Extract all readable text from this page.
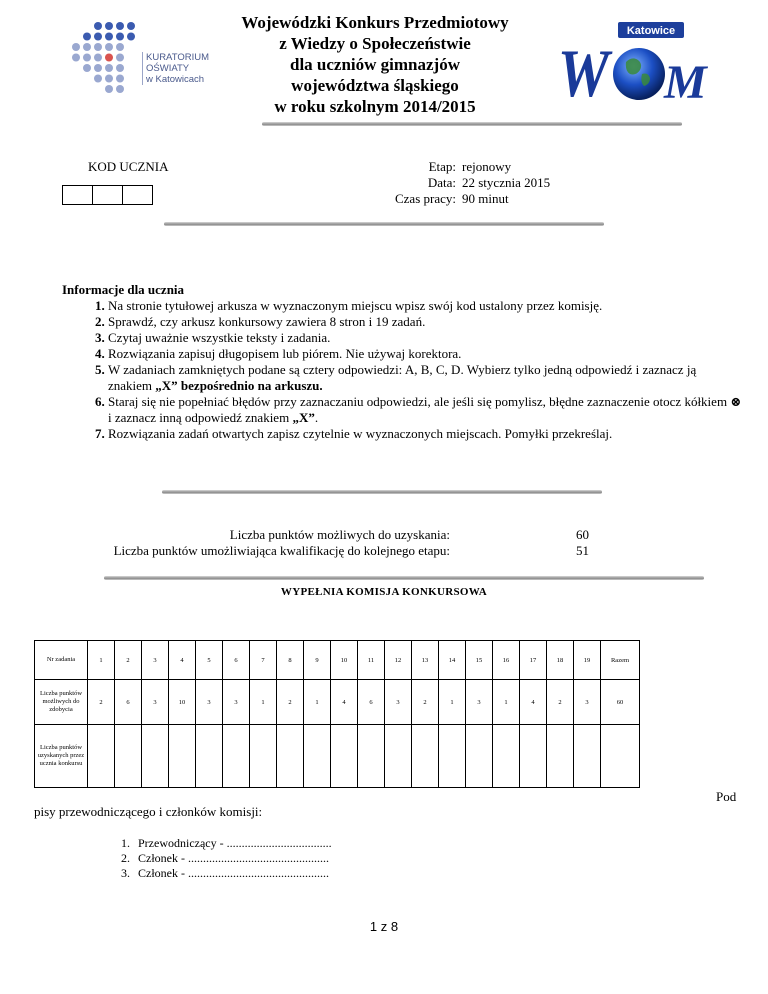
KURATORIUM
OŚWIATY
w Katowicach
Wojewódzki Konkurs Przedmiotowy
z Wiedzy o Społeczeństwie
dla uczniów gimnazjów
województwa śląskiego
w roku szkolnym 2014/2015
Katowice
W M
KOD UCZNIA	Etap: rejonowy
Data: 22 stycznia 2015
Czas pracy: 90 minut
Informacje dla ucznia
1. Na stronie tytułowej arkusza w wyznaczonym miejscu wpisz swój kod ustalony przez komisję.
2. Sprawdź, czy arkusz konkursowy zawiera 8 stron i 19 zadań.
3. Czytaj uważnie wszystkie teksty i zadania.
4. Rozwiązania zapisuj długopisem lub piórem. Nie używaj korektora.
5. W zadaniach zamkniętych podane są cztery odpowiedzi: A, B, C, D. Wybierz tylko jedną odpowiedź i zaznacz ją znakiem „X” bezpośrednio na arkuszu.
6. Staraj się nie popełniać błędów przy zaznaczaniu odpowiedzi, ale jeśli się pomylisz, błędne zaznaczenie otocz kółkiem ⊗ i zaznacz inną odpowiedź znakiem „X”.
7. Rozwiązania zadań otwartych zapisz czytelnie w wyznaczonych miejscach. Pomyłki przekreślaj.
Liczba punktów możliwych do uzyskania:	60
Liczba punktów umożliwiająca kwalifikację do kolejnego etapu:	51
WYPEŁNIA KOMISJA KONKURSOWA
Nr zadania	1	2	3	4	5	6	7	8	9	10	11	12	13	14	15	16	17	18	19	Razem
Liczba punktów możliwych do zdobycia	2	6	3	10	3	3	1	2	1	4	6	3	2	1	3	1	4	2	3	60
Liczba punktów uzyskanych przez ucznia konkursu																				
Pod
pisy przewodniczącego i członków komisji:
1. Przewodniczący - ...................................
2. Członek - ...............................................
3. Członek - ...............................................
1 z 8
